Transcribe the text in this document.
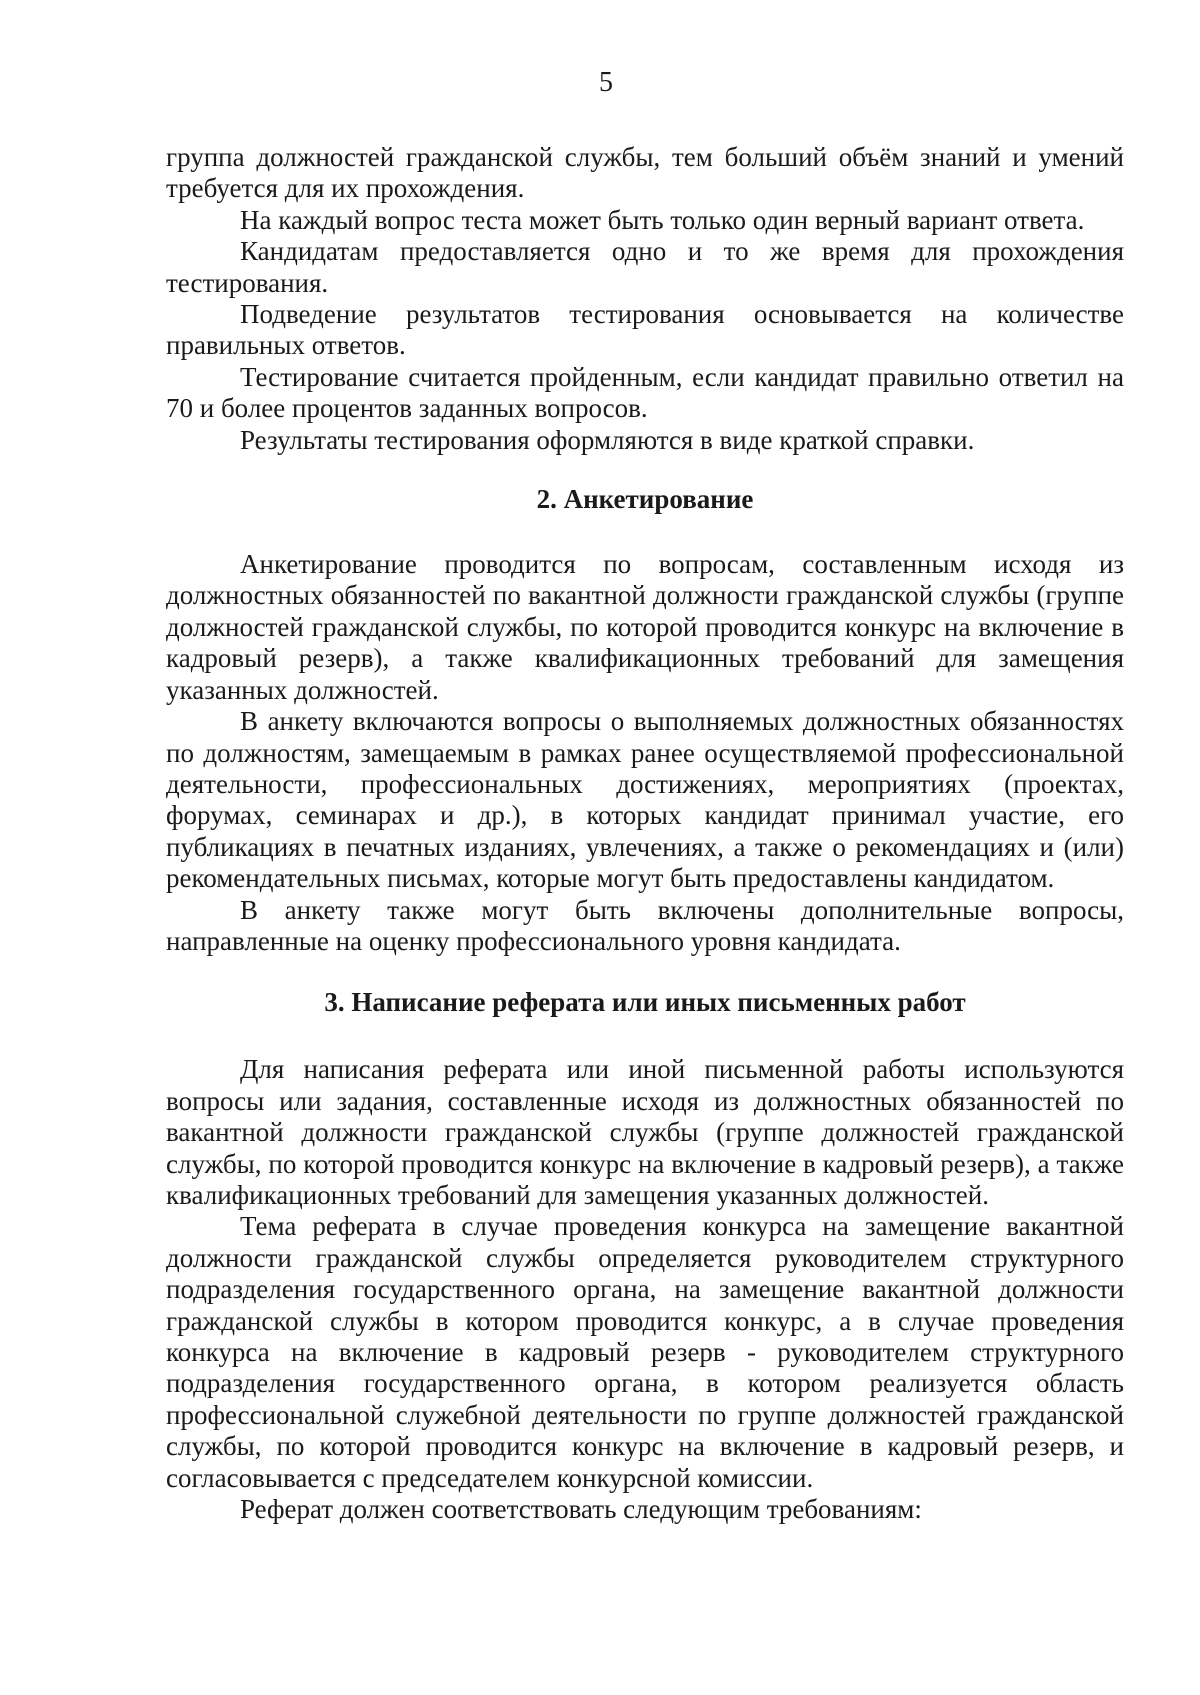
5

группа должностей гражданской службы, тем больший объём знаний и умений требуется для их прохождения.

На каждый вопрос теста может быть только один верный вариант ответа.

Кандидатам предоставляется одно и то же время для прохождения тестирования.

Подведение результатов тестирования основывается на количестве правильных ответов.

Тестирование считается пройденным, если кандидат правильно ответил на 70 и более процентов заданных вопросов.

Результаты тестирования оформляются в виде краткой справки.

2. Анкетирование

Анкетирование проводится по вопросам, составленным исходя из должностных обязанностей по вакантной должности гражданской службы (группе должностей гражданской службы, по которой проводится конкурс на включение в кадровый резерв), а также квалификационных требований для замещения указанных должностей.

В анкету включаются вопросы о выполняемых должностных обязанностях по должностям, замещаемым в рамках ранее осуществляемой профессиональной деятельности, профессиональных достижениях, мероприятиях (проектах, форумах, семинарах и др.), в которых кандидат принимал участие, его публикациях в печатных изданиях, увлечениях, а также о рекомендациях и (или) рекомендательных письмах, которые могут быть предоставлены кандидатом.

В анкету также могут быть включены дополнительные вопросы, направленные на оценку профессионального уровня кандидата.

3. Написание реферата или иных письменных работ

Для написания реферата или иной письменной работы используются вопросы или задания, составленные исходя из должностных обязанностей по вакантной должности гражданской службы (группе должностей гражданской службы, по которой проводится конкурс на включение в кадровый резерв), а также квалификационных требований для замещения указанных должностей.

Тема реферата в случае проведения конкурса на замещение вакантной должности гражданской службы определяется руководителем структурного подразделения государственного органа, на замещение вакантной должности гражданской службы в котором проводится конкурс, а в случае проведения конкурса на включение в кадровый резерв - руководителем структурного подразделения государственного органа, в котором реализуется область профессиональной служебной деятельности по группе должностей гражданской службы, по которой проводится конкурс на включение в кадровый резерв, и согласовывается с председателем конкурсной комиссии.

Реферат должен соответствовать следующим требованиям:
